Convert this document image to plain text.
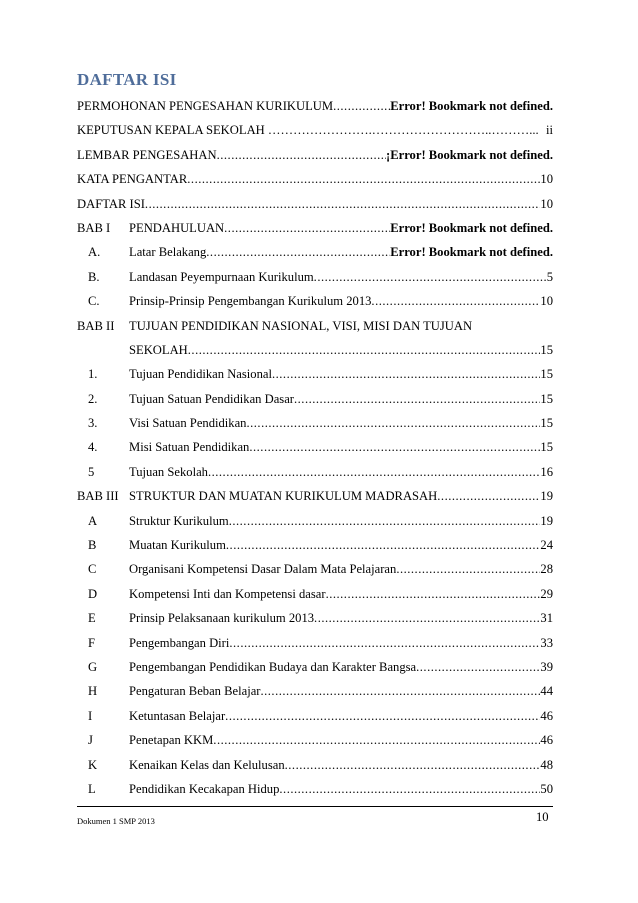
DAFTAR ISI
PERMOHONAN PENGESAHAN KURIKULUM .....	Error! Bookmark not defined.
KEPUTUSAN KEPALA SEKOLAH …………………….………………………..………... ii
LEMBAR PENGESAHAN .....	¡Error! Bookmark not defined.
KATA PENGANTAR .....	10
DAFTAR ISI .....	10
BAB I	PENDAHULUAN .....	Error! Bookmark not defined.
A.	Latar Belakang .....	Error! Bookmark not defined.
B.	Landasan Peyempurnaan Kurikulum .....	5
C.	Prinsip-Prinsip Pengembangan Kurikulum 2013 .....	10
BAB II	TUJUAN PENDIDIKAN NASIONAL, VISI, MISI DAN TUJUAN
SEKOLAH .....	15
1.	Tujuan Pendidikan Nasional .....	15
2.	Tujuan Satuan Pendidikan Dasar .....	15
3.	Visi Satuan Pendidikan .....	15
4.	Misi Satuan Pendidikan .....	15
5	Tujuan Sekolah .....	16
BAB III STRUKTUR DAN MUATAN KURIKULUM MADRASAH .....	19
A	Struktur Kurikulum .....	19
B	Muatan Kurikulum .....	24
C	Organisani Kompetensi Dasar Dalam Mata Pelajaran .....	28
D	Kompetensi Inti dan Kompetensi dasar .....	29
E	Prinsip Pelaksanaan kurikulum 2013 .....	31
F	Pengembangan Diri .....	33
G	Pengembangan Pendidikan Budaya dan Karakter Bangsa .....	39
H	Pengaturan Beban Belajar .....	44
I	Ketuntasan Belajar .....	46
J	Penetapan KKM .....	46
K	Kenaikan Kelas dan Kelulusan .....	48
L	Pendidikan Kecakapan Hidup .....	50
Dokumen 1 SMP 2013	10
